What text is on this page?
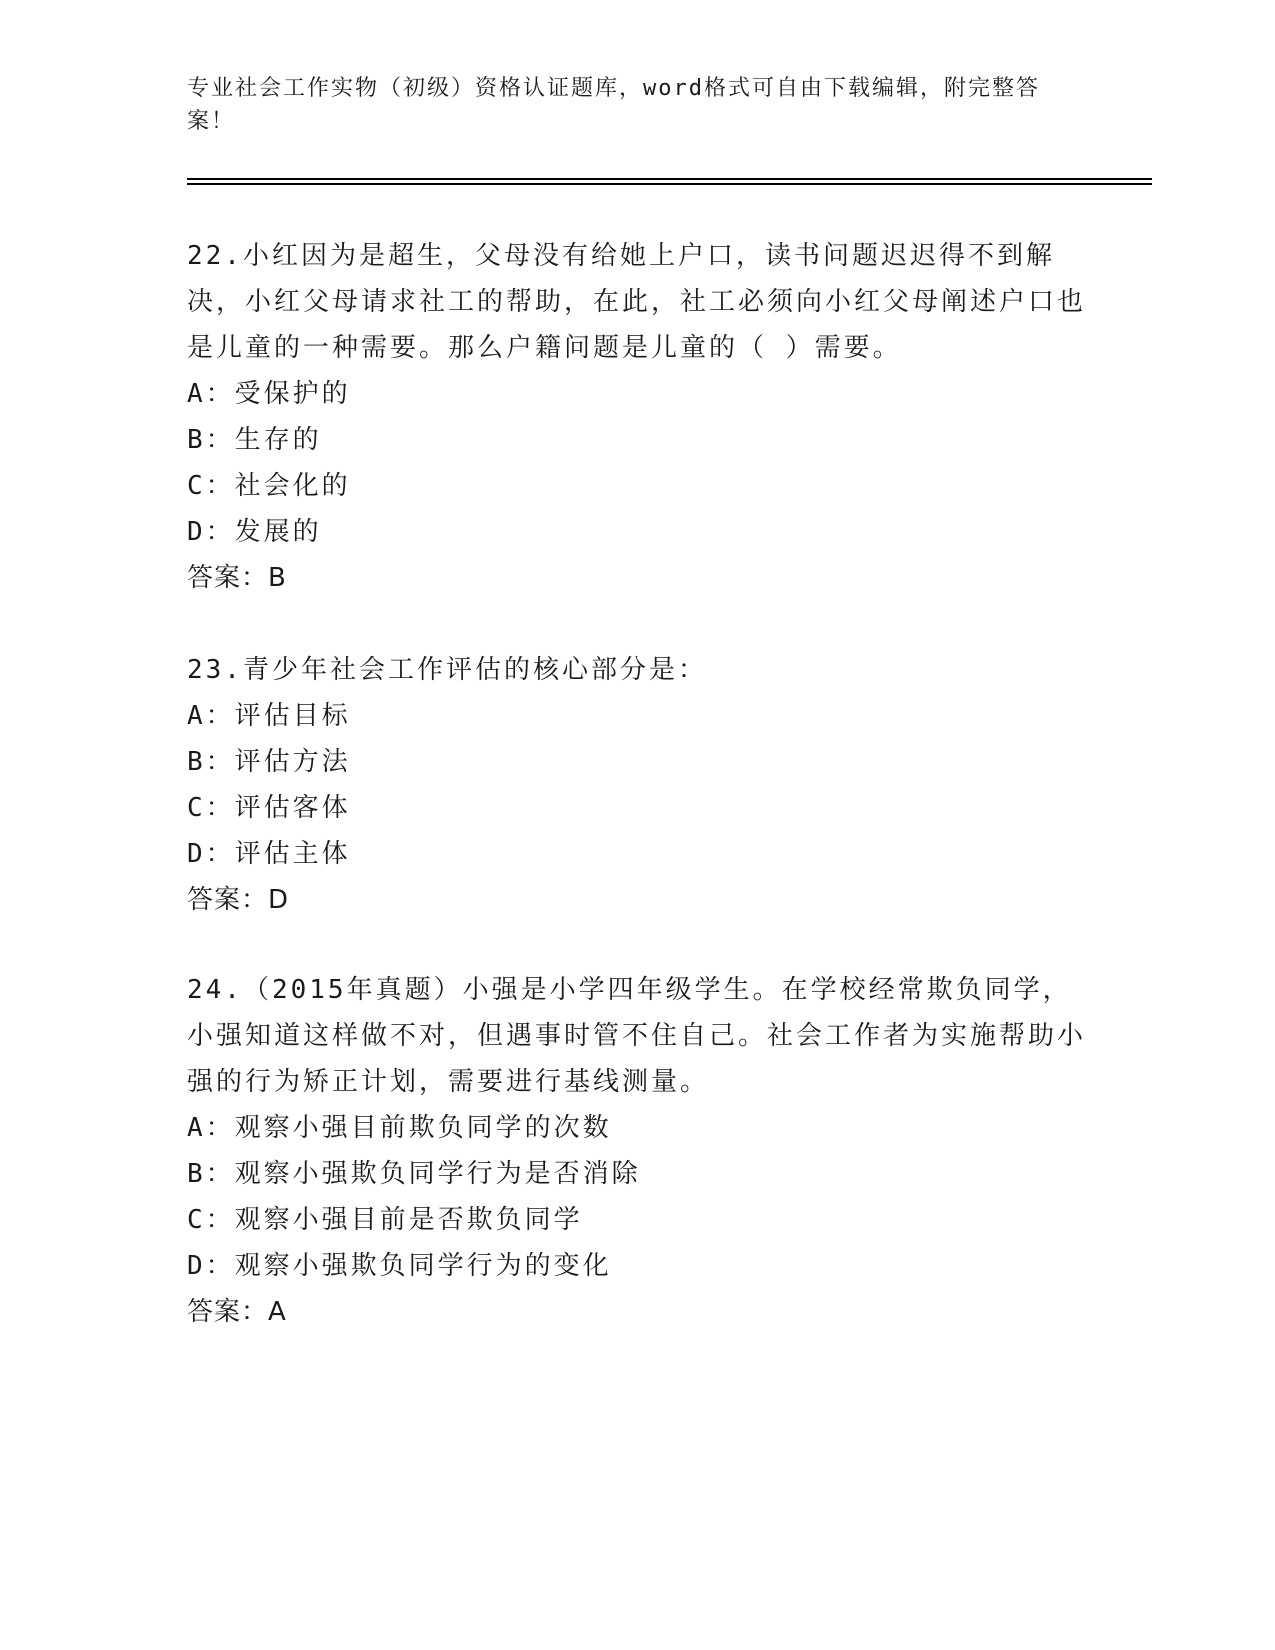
专业社会工作实物（初级）资格认证题库，word格式可自由下载编辑，附完整答案！

22.小红因为是超生，父母没有给她上户口，读书问题迟迟得不到解决，小红父母请求社工的帮助，在此，社工必须向小红父母阐述户口也是儿童的一种需要。那么户籍问题是儿童的（ ）需要。

A：受保护的

B：生存的

C：社会化的

D：发展的

答案：B

23.青少年社会工作评估的核心部分是：

A：评估目标

B：评估方法

C：评估客体

D：评估主体

答案：D

24.（2015年真题）小强是小学四年级学生。在学校经常欺负同学，小强知道这样做不对，但遇事时管不住自己。社会工作者为实施帮助小强的行为矫正计划，需要进行基线测量。

A：观察小强目前欺负同学的次数

B：观察小强欺负同学行为是否消除

C：观察小强目前是否欺负同学

D：观察小强欺负同学行为的变化

答案：A
